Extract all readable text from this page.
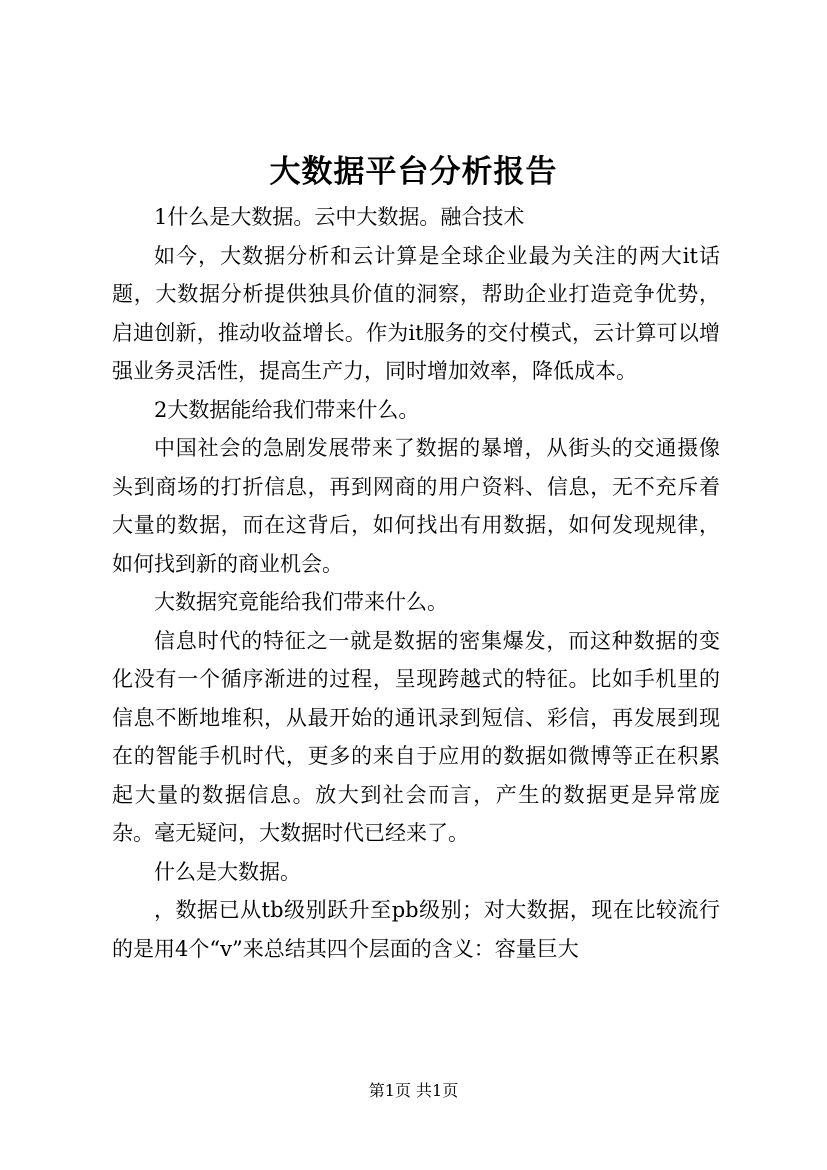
大数据平台分析报告

1什么是大数据。云中大数据。融合技术

如今，大数据分析和云计算是全球企业最为关注的两大it话题，大数据分析提供独具价值的洞察，帮助企业打造竞争优势，启迪创新，推动收益增长。作为it服务的交付模式，云计算可以增强业务灵活性，提高生产力，同时增加效率，降低成本。

2大数据能给我们带来什么。

中国社会的急剧发展带来了数据的暴增，从街头的交通摄像头到商场的打折信息，再到网商的用户资料、信息，无不充斥着大量的数据，而在这背后，如何找出有用数据，如何发现规律，如何找到新的商业机会。

大数据究竟能给我们带来什么。

信息时代的特征之一就是数据的密集爆发，而这种数据的变化没有一个循序渐进的过程，呈现跨越式的特征。比如手机里的信息不断地堆积，从最开始的通讯录到短信、彩信，再发展到现在的智能手机时代，更多的来自于应用的数据如微博等正在积累起大量的数据信息。放大到社会而言，产生的数据更是异常庞杂。毫无疑问，大数据时代已经来了。

什么是大数据。

，数据已从tb级别跃升至pb级别；对大数据，现在比较流行的是用4个“v”来总结其四个层面的含义：容量巨大

第1页 共1页
